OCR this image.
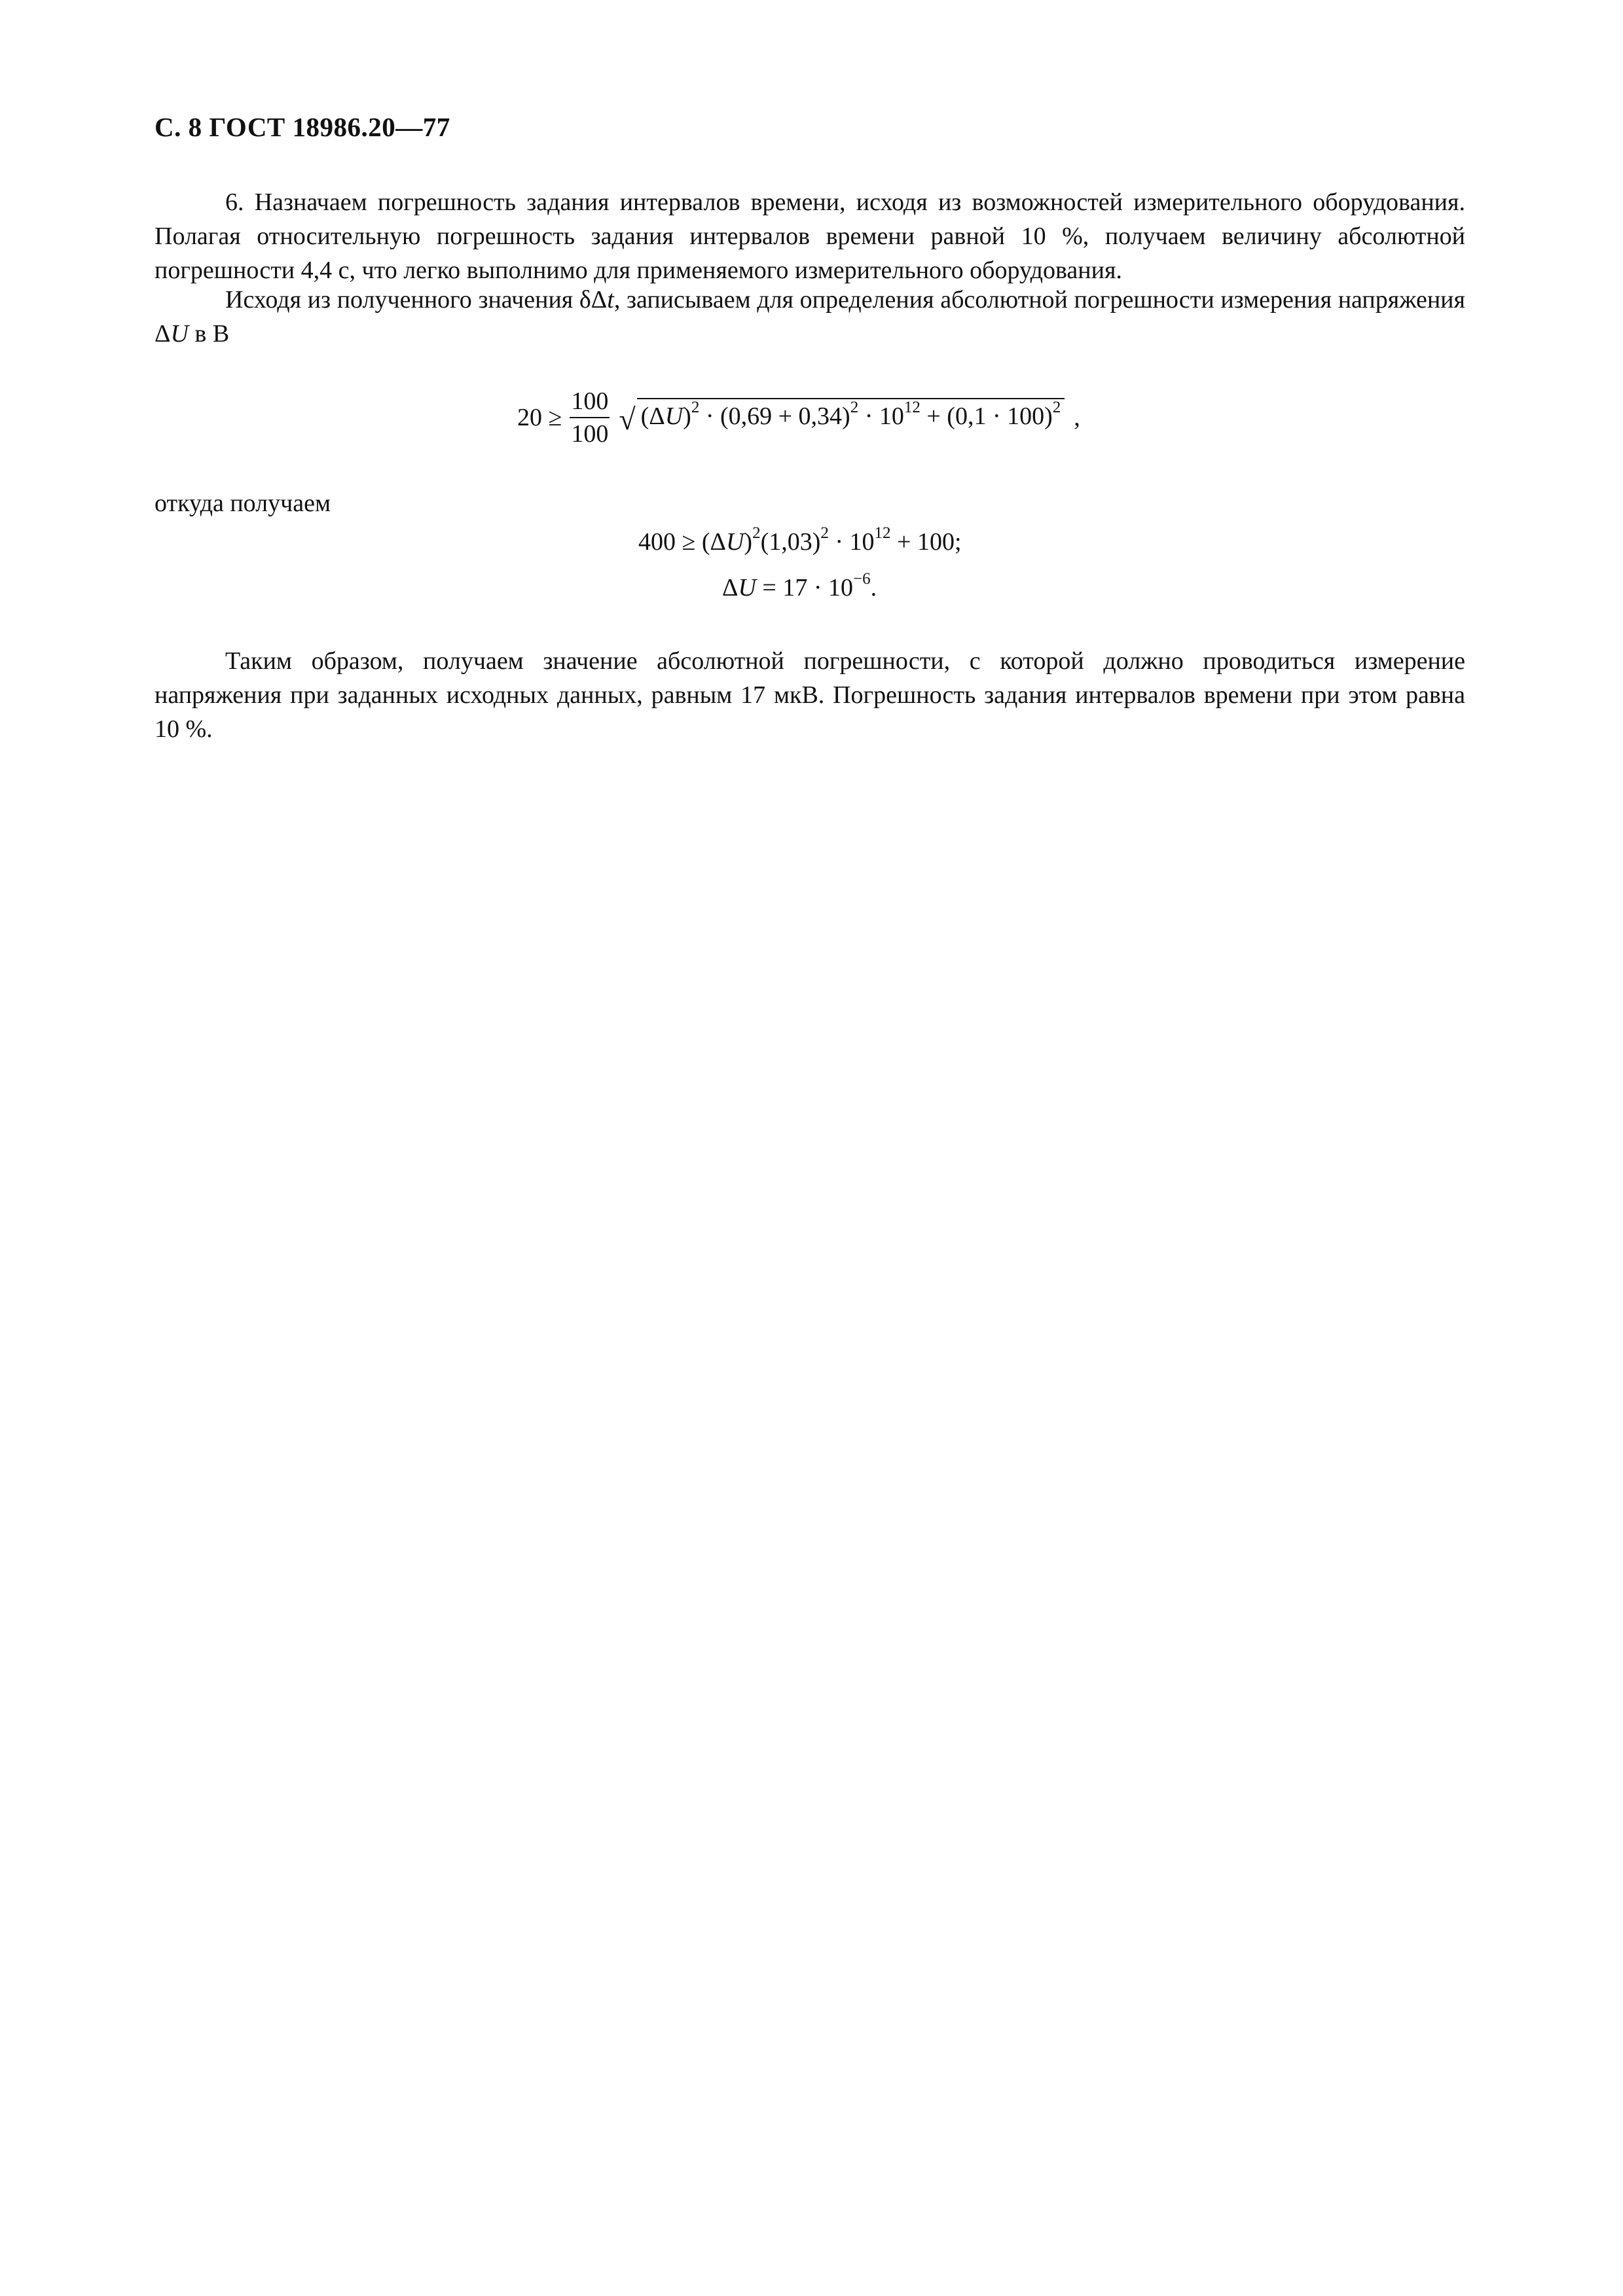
С. 8 ГОСТ 18986.20—77

6. Назначаем погрешность задания интервалов времени, исходя из возможностей измерительного оборудования. Полагая относительную погрешность задания интервалов времени равной 10 %, получаем величину абсолютной погрешности 4,4 с, что легко выполнимо для применяемого измерительного оборудования.

Исходя из полученного значения δΔt, записываем для определения абсолютной погрешности измерения напряжения ΔU в В

$20 \ge \frac{100}{100}$ √ $(\Delta U)^2 \cdot (0,69 + 0,34)^2 \cdot 10^{12} + (0,1 \cdot 100)^2$ ,

откуда получаем

$400 \ge (\Delta U)^2(1,03)^2 \cdot 10^{12} + 100$;
$\Delta U = 17 \cdot 10^{-6}$.

Таким образом, получаем значение абсолютной погрешности, с которой должно проводиться измерение напряжения при заданных исходных данных, равным 17 мкВ. Погрешность задания интервалов времени при этом равна 10 %.
